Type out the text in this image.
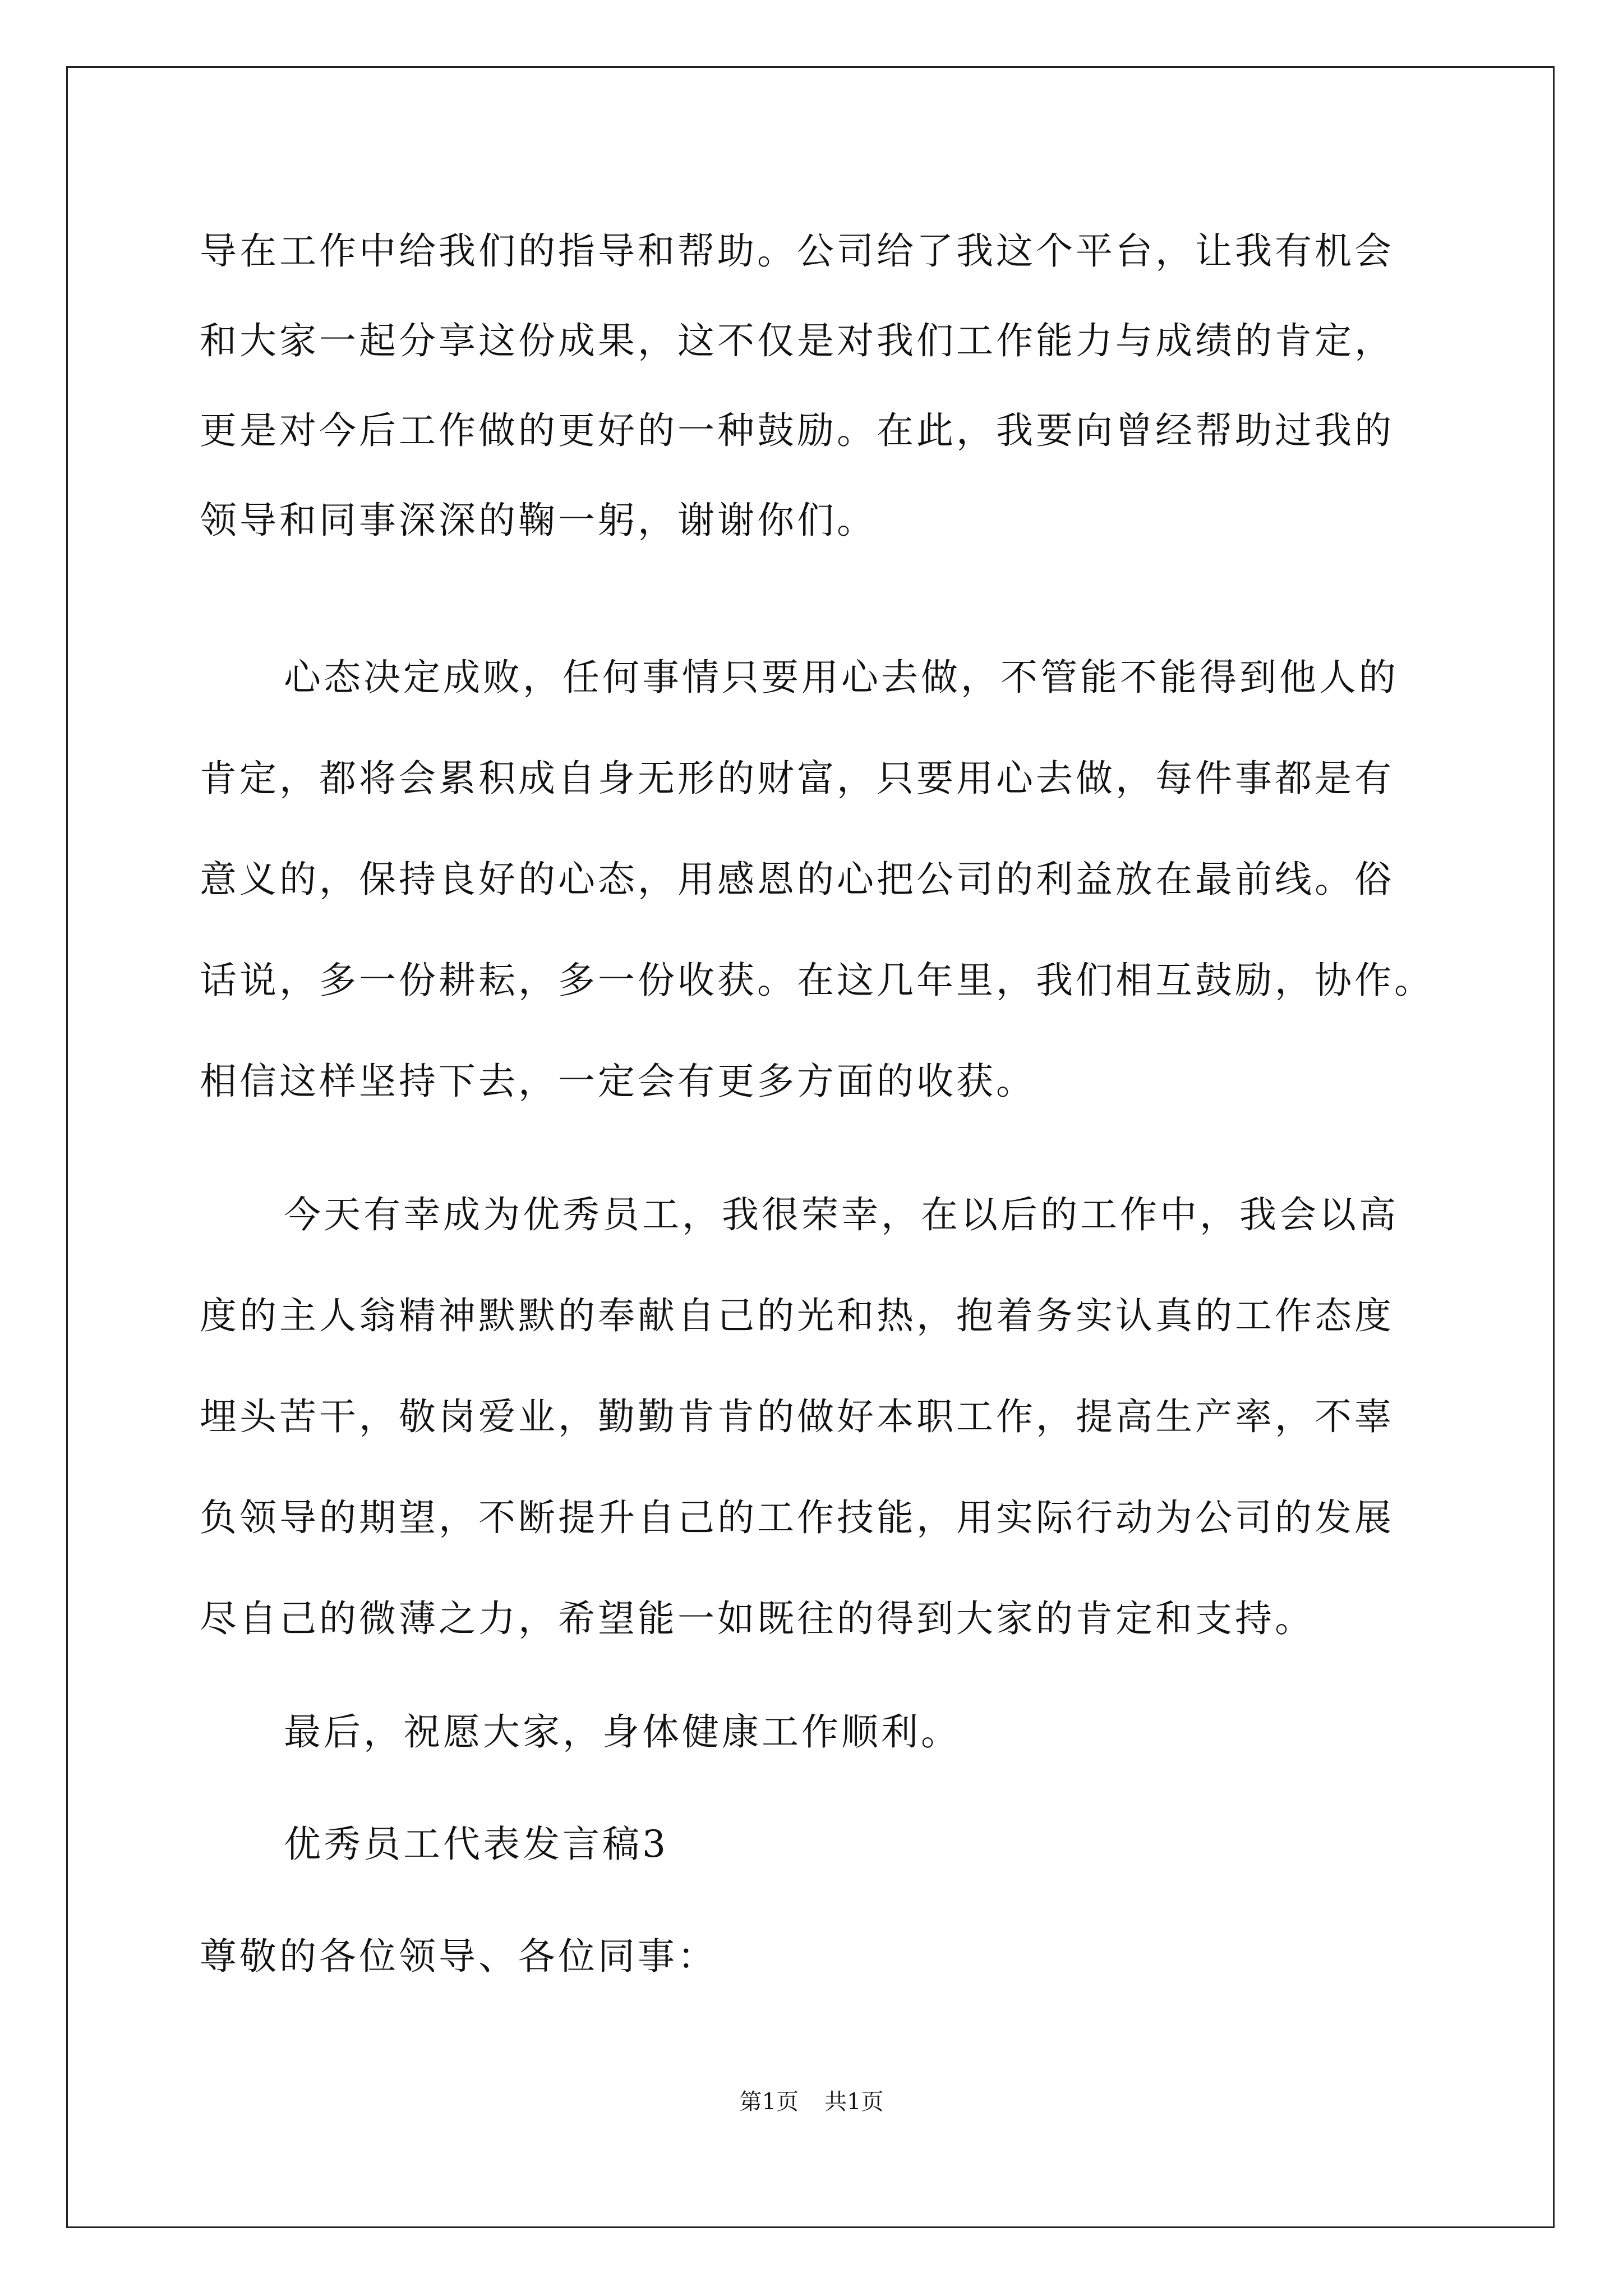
导在工作中给我们的指导和帮助。公司给了我这个平台，让我有机会
和大家一起分享这份成果，这不仅是对我们工作能力与成绩的肯定，
更是对今后工作做的更好的一种鼓励。在此，我要向曾经帮助过我的
领导和同事深深的鞠一躬，谢谢你们。
心态决定成败，任何事情只要用心去做，不管能不能得到他人的
肯定，都将会累积成自身无形的财富，只要用心去做，每件事都是有
意义的，保持良好的心态，用感恩的心把公司的利益放在最前线。俗
话说，多一份耕耘，多一份收获。在这几年里，我们相互鼓励，协作。
相信这样坚持下去，一定会有更多方面的收获。
今天有幸成为优秀员工，我很荣幸，在以后的工作中，我会以高
度的主人翁精神默默的奉献自己的光和热，抱着务实认真的工作态度
埋头苦干，敬岗爱业，勤勤肯肯的做好本职工作，提高生产率，不辜
负领导的期望，不断提升自己的工作技能，用实际行动为公司的发展
尽自己的微薄之力，希望能一如既往的得到大家的肯定和支持。
最后，祝愿大家，身体健康工作顺利。
优秀员工代表发言稿3
尊敬的各位领导、各位同事：
第1页 共1页
